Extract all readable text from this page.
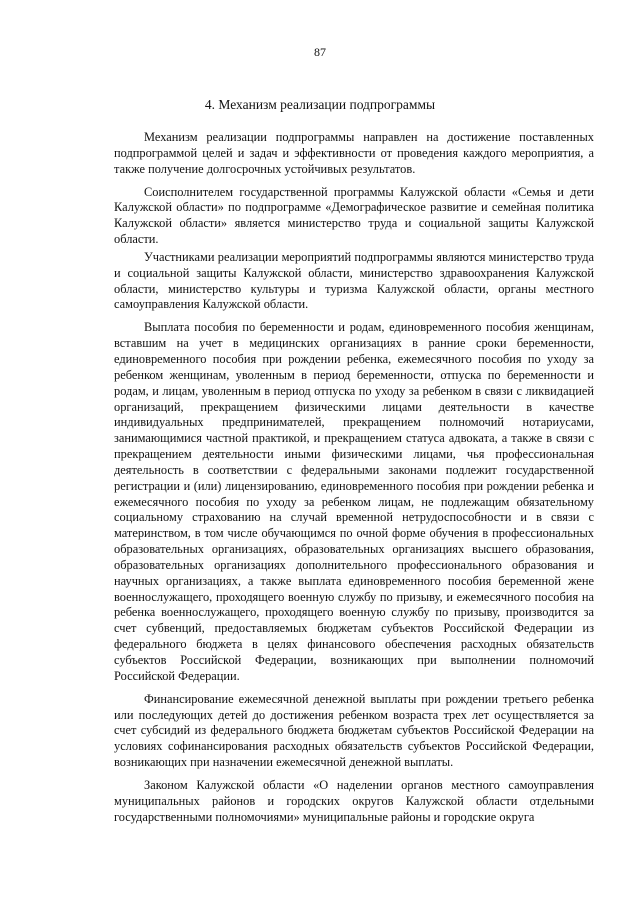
87
4. Механизм реализации подпрограммы

Механизм реализации подпрограммы направлен на достижение поставленных подпрограммой целей и задач и эффективности от проведения каждого мероприятия, а также получение долгосрочных устойчивых результатов.

Соисполнителем государственной программы Калужской области «Семья и дети Калужской области» по подпрограмме «Демографическое развитие и семейная политика Калужской области» является министерство труда и социальной защиты Калужской области.

Участниками реализации мероприятий подпрограммы являются министерство труда и социальной защиты Калужской области, министерство здравоохранения Калужской области, министерство культуры и туризма Калужской области, органы местного самоуправления Калужской области.

Выплата пособия по беременности и родам, единовременного пособия женщинам, вставшим на учет в медицинских организациях в ранние сроки беременности, единовременного пособия при рождении ребенка, ежемесячного пособия по уходу за ребенком женщинам, уволенным в период беременности, отпуска по беременности и родам, и лицам, уволенным в период отпуска по уходу за ребенком в связи с ликвидацией организаций, прекращением физическими лицами деятельности в качестве индивидуальных предпринимателей, прекращением полномочий нотариусами, занимающимися частной практикой, и прекращением статуса адвоката, а также в связи с прекращением деятельности иными физическими лицами, чья профессиональная деятельность в соответствии с федеральными законами подлежит государственной регистрации и (или) лицензированию, единовременного пособия при рождении ребенка и ежемесячного пособия по уходу за ребенком лицам, не подлежащим обязательному социальному страхованию на случай временной нетрудоспособности и в связи с материнством, в том числе обучающимся по очной форме обучения в профессиональных образовательных организациях, образовательных организациях высшего образования, образовательных организациях дополнительного профессионального образования и научных организациях, а также выплата единовременного пособия беременной жене военнослужащего, проходящего военную службу по призыву, и ежемесячного пособия на ребенка военнослужащего, проходящего военную службу по призыву, производится за счет субвенций, предоставляемых бюджетам субъектов Российской Федерации из федерального бюджета в целях финансового обеспечения расходных обязательств субъектов Российской Федерации, возникающих при выполнении полномочий Российской Федерации.

Финансирование ежемесячной денежной выплаты при рождении третьего ребенка или последующих детей до достижения ребенком возраста трех лет осуществляется за счет субсидий из федерального бюджета бюджетам субъектов Российской Федерации на условиях софинансирования расходных обязательств субъектов Российской Федерации, возникающих при назначении ежемесячной денежной выплаты.

Законом Калужской области «О наделении органов местного самоуправления муниципальных районов и городских округов Калужской области отдельными государственными полномочиями» муниципальные районы и городские округа
